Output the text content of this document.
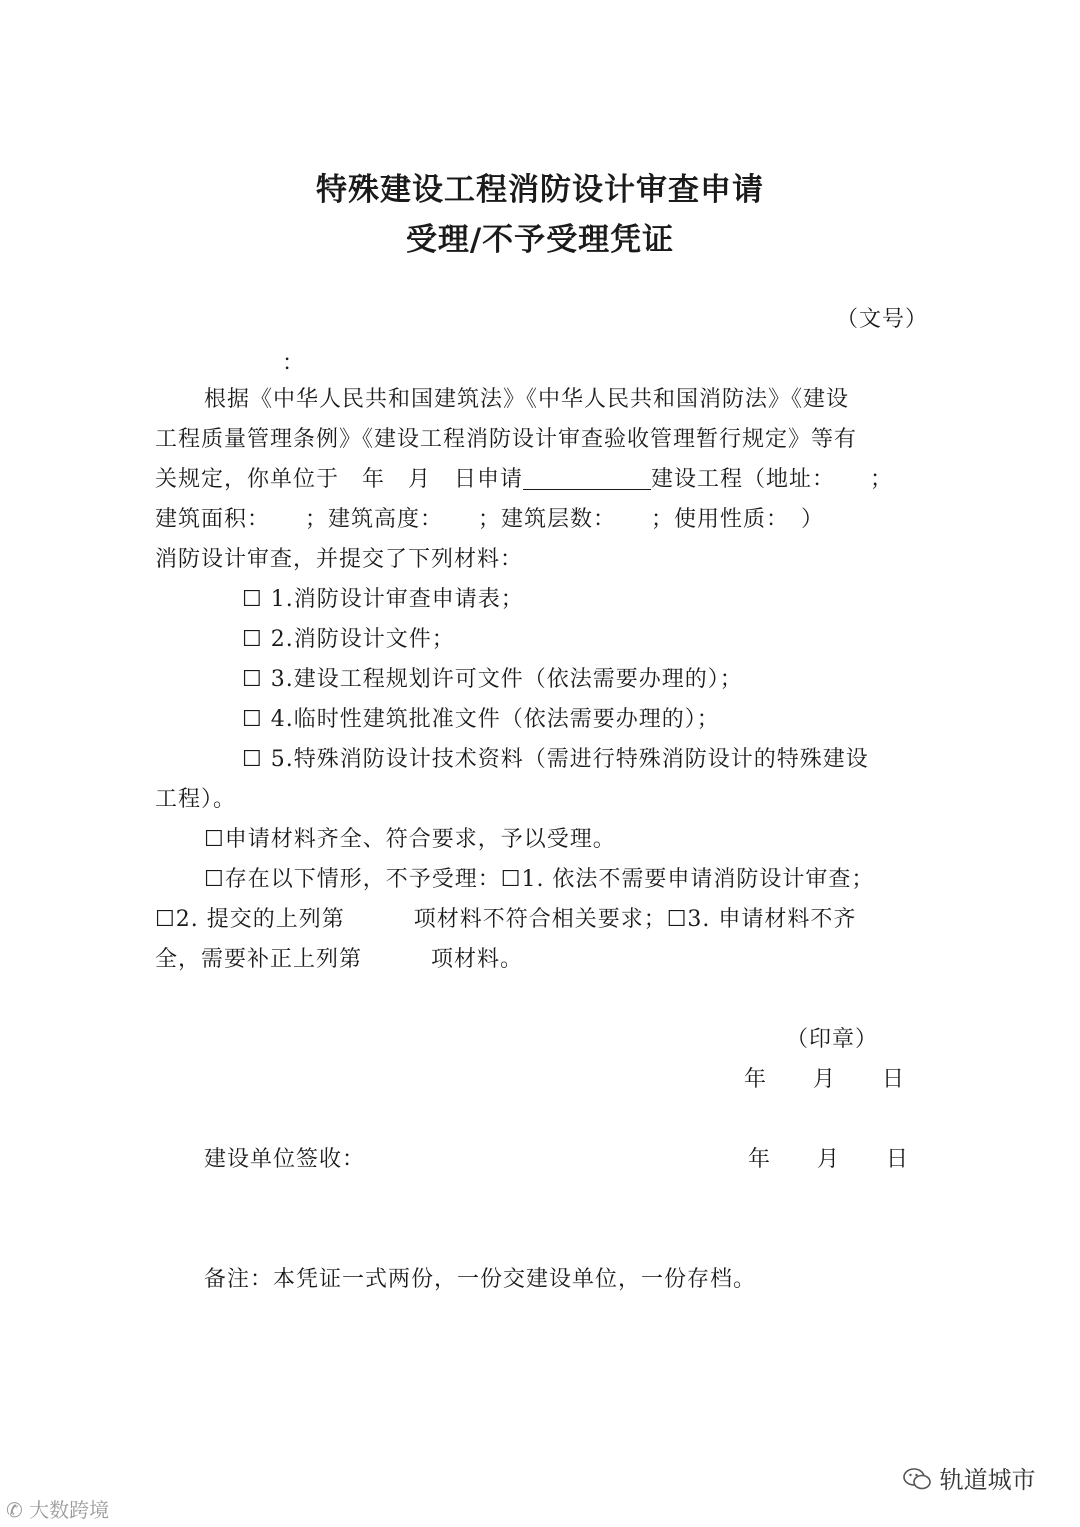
特殊建设工程消防设计审查申请
受理/不予受理凭证
（文号）
：
根据《中华人民共和国建筑法》《中华人民共和国消防法》《建设
工程质量管理条例》《建设工程消防设计审查验收管理暂行规定》等有
关规定，你单位于　年　月　日申请	建设工程（地址：　　；
建筑面积：　　；建筑高度：　　；建筑层数：　　；使用性质：　）
消防设计审查，并提交了下列材料：
☐ 1.消防设计审查申请表；
☐ 2.消防设计文件；
☐ 3.建设工程规划许可文件（依法需要办理的）；
☐ 4.临时性建筑批准文件（依法需要办理的）；
☐ 5.特殊消防设计技术资料（需进行特殊消防设计的特殊建设
工程）。
☐申请材料齐全、符合要求，予以受理。
☐存在以下情形，不予受理：☐1. 依法不需要申请消防设计审查；
☐2. 提交的上列第　　　项材料不符合相关要求；☐3. 申请材料不齐
全，需要补正上列第　　　项材料。
（印章）
年　　月　　日
建设单位签收：	年　　月　　日
备注：本凭证一式两份，一份交建设单位，一份存档。
✆ 大数跨境
轨道城市
